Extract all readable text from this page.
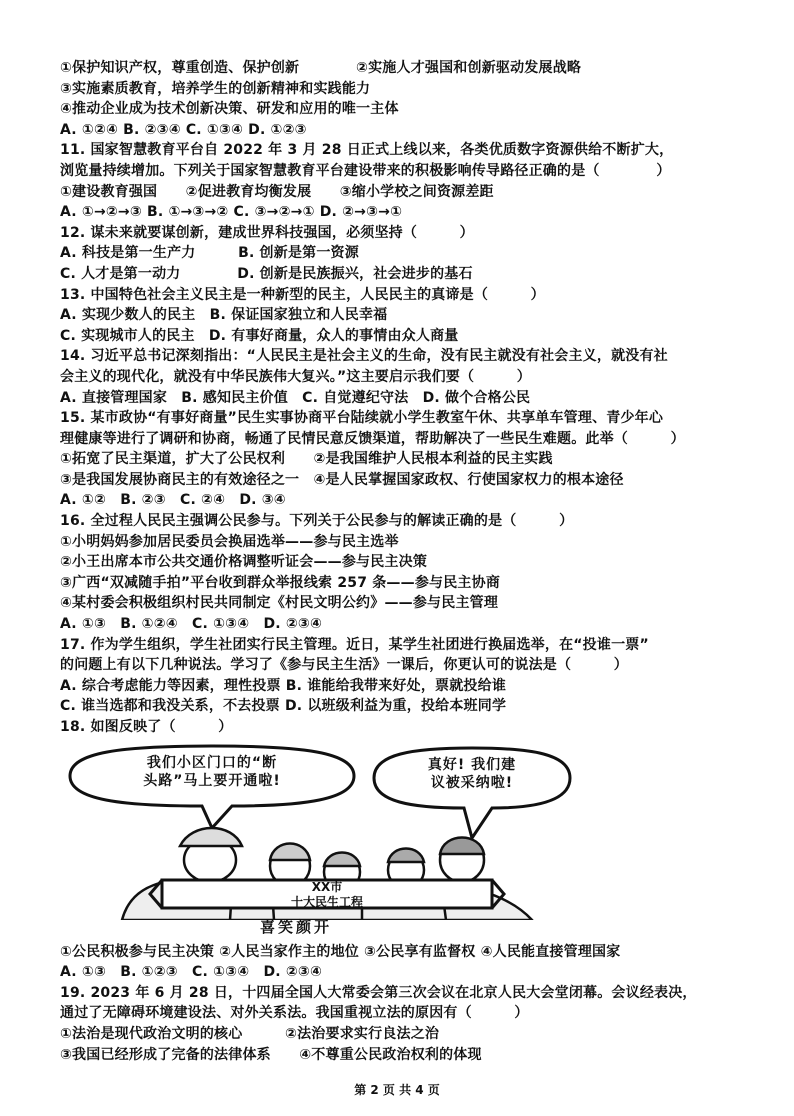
①保护知识产权，尊重创造、保护创新　　　　②实施人才强国和创新驱动发展战略
③实施素质教育，培养学生的创新精神和实践能力
④推动企业成为技术创新决策、研发和应用的唯一主体
A. ①②④ B. ②③④ C. ①③④ D. ①②③
11. 国家智慧教育平台自 2022 年 3 月 28 日正式上线以来，各类优质数字资源供给不断扩大，
浏览量持续增加。下列关于国家智慧教育平台建设带来的积极影响传导路径正确的是（　　　　）
①建设教育强国　　②促进教育均衡发展　　③缩小学校之间资源差距
A. ①→②→③ B. ①→③→② C. ③→②→① D. ②→③→①
12. 谋未来就要谋创新，建成世界科技强国，必须坚持（　　　）
A. 科技是第一生产力　　　B. 创新是第一资源
C. 人才是第一动力　　　　D. 创新是民族振兴，社会进步的基石
13. 中国特色社会主义民主是一种新型的民主，人民民主的真谛是（　　　）
A. 实现少数人的民主　B. 保证国家独立和人民幸福
C. 实现城市人的民主　D. 有事好商量，众人的事情由众人商量
14. 习近平总书记深刻指出：“人民民主是社会主义的生命，没有民主就没有社会主义，就没有社
会主义的现代化，就没有中华民族伟大复兴。”这主要启示我们要（　　　）
A. 直接管理国家　B. 感知民主价值　C. 自觉遵纪守法　D. 做个合格公民
15. 某市政协“有事好商量”民生实事协商平台陆续就小学生教室午休、共享单车管理、青少年心
理健康等进行了调研和协商，畅通了民情民意反馈渠道，帮助解决了一些民生难题。此举（　　　）
①拓宽了民主渠道，扩大了公民权利　　②是我国维护人民根本利益的民主实践
③是我国发展协商民主的有效途径之一　④是人民掌握国家政权、行使国家权力的根本途径
A. ①②　B. ②③　C. ②④　D. ③④
16. 全过程人民民主强调公民参与。下列关于公民参与的解读正确的是（　　　）
①小明妈妈参加居民委员会换届选举——参与民主选举
②小王出席本市公共交通价格调整听证会——参与民主决策
③广西“双减随手拍”平台收到群众举报线索 257 条——参与民主协商
④某村委会积极组织村民共同制定《村民文明公约》——参与民主管理
A. ①③　B. ①②④　C. ①③④　D. ②③④
17. 作为学生组织，学生社团实行民主管理。近日，某学生社团进行换届选举，在“投谁一票”
的问题上有以下几种说法。学习了《参与民主生活》一课后，你更认可的说法是（　　　）
A. 综合考虑能力等因素，理性投票 B. 谁能给我带来好处，票就投给谁
C. 谁当选都和我没关系，不去投票 D. 以班级利益为重，投给本班同学
18. 如图反映了（　　　）
我们小区门口的“断
头路”马上要开通啦!
真好! 我们建
议被采纳啦!
XX市
十大民生工程
喜笑颜开
①公民积极参与民主决策 ②人民当家作主的地位 ③公民享有监督权 ④人民能直接管理国家
A. ①③　B. ①②③　C. ①③④　D. ②③④
19. 2023 年 6 月 28 日，十四届全国人大常委会第三次会议在北京人民大会堂闭幕。会议经表决，
通过了无障碍环境建设法、对外关系法。我国重视立法的原因有（　　　）
①法治是现代政治文明的核心　　　②法治要求实行良法之治
③我国已经形成了完备的法律体系　　④不尊重公民政治权利的体现
第 2 页 共 4 页
